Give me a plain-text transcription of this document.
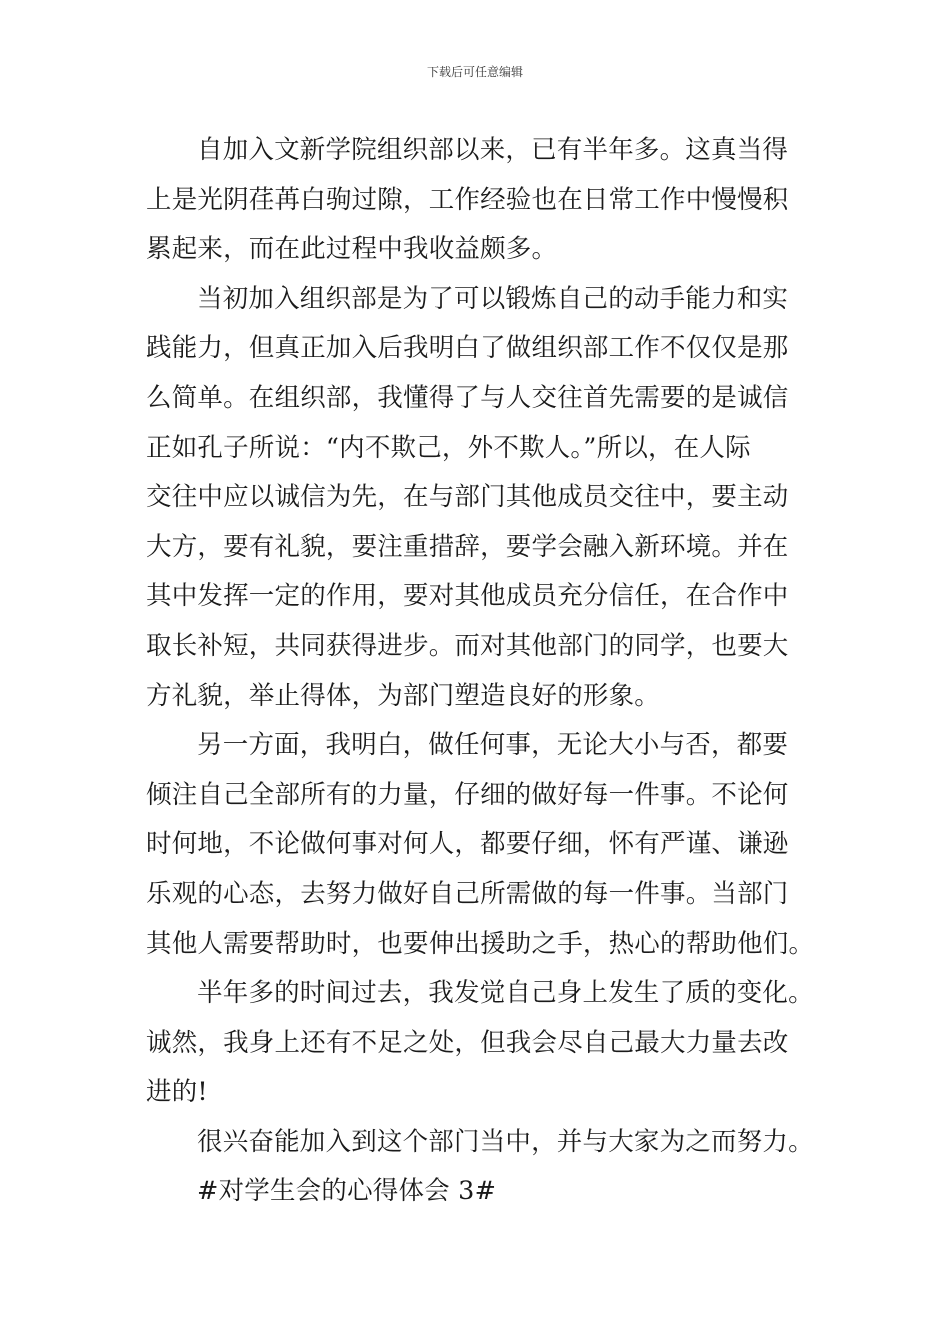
下载后可任意编辑

自加入文新学院组织部以来，已有半年多。这真当得
上是光阴荏苒白驹过隙，工作经验也在日常工作中慢慢积
累起来，而在此过程中我收益颇多。

当初加入组织部是为了可以锻炼自己的动手能力和实
践能力，但真正加入后我明白了做组织部工作不仅仅是那
么简单。在组织部，我懂得了与人交往首先需要的是诚信
正如孔子所说：“内不欺己，外不欺人。”所以，在人际
交往中应以诚信为先，在与部门其他成员交往中，要主动
大方，要有礼貌，要注重措辞，要学会融入新环境。并在
其中发挥一定的作用，要对其他成员充分信任，在合作中
取长补短，共同获得进步。而对其他部门的同学，也要大
方礼貌，举止得体，为部门塑造良好的形象。

另一方面，我明白，做任何事，无论大小与否，都要
倾注自己全部所有的力量，仔细的做好每一件事。不论何
时何地，不论做何事对何人，都要仔细，怀有严谨、谦逊
乐观的心态，去努力做好自己所需做的每一件事。当部门
其他人需要帮助时，也要伸出援助之手，热心的帮助他们。

半年多的时间过去，我发觉自己身上发生了质的变化。
诚然，我身上还有不足之处，但我会尽自己最大力量去改
进的!

很兴奋能加入到这个部门当中，并与大家为之而努力。

#对学生会的心得体会 3#
